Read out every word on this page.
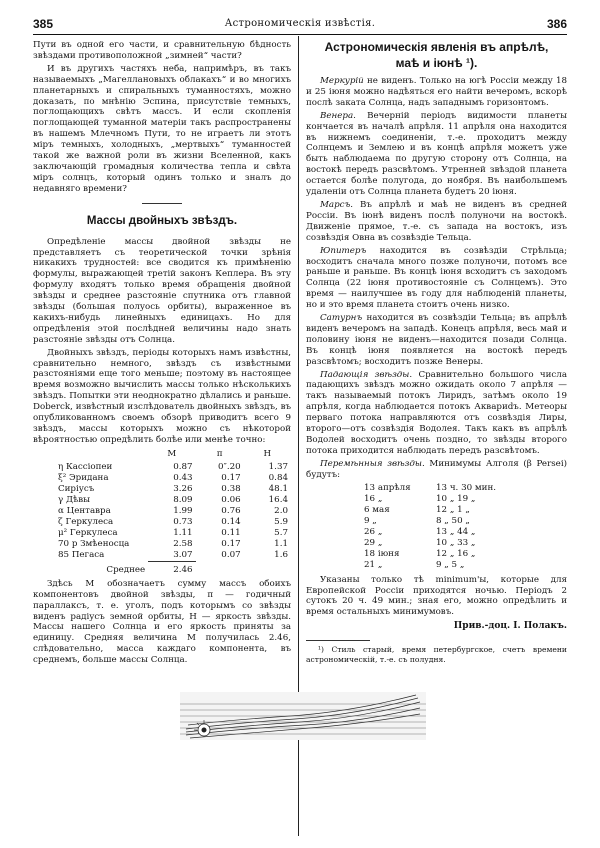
385	Астрономическія извѣстія.	386

Пути въ одной его части, и сравнительную бѣдность звѣздами противоположной „зимней“ части?

И въ другихъ частяхъ неба, напримѣръ, въ такъ называемыхъ „Магеллановыхъ облакахъ“ и во многихъ планетарныхъ и спиральныхъ туманностяхъ, можно доказать, по мнѣнію Эспина, присутствіе темныхъ, поглощающихъ свѣтъ массъ. И если скопленія поглощающей туманной матеріи такъ распространены въ нашемъ Млечномъ Пути, то не играетъ ли этотъ міръ темныхъ, холодныхъ, „мертвыхъ“ туманностей такой же важной роли въ жизни Вселенной, какъ заключающій громадныя количества тепла и свѣта міръ солнцъ, который одинъ только и зналъ до недавняго времени?

Массы двойныхъ звѣздъ.

Опредѣленіе массы двойной звѣзды не представляетъ съ теоретической точки зрѣнія никакихъ трудностей: все сводится къ примѣненію формулы, выражающей третій законъ Кеплера. Въ эту формулу входятъ только время обращенія двойной звѣзды и среднее разстояніе спутника отъ главной звѣзды (большая полуось орбиты), выраженное въ какихъ-нибудь линейныхъ единицахъ. Но для опредѣленія этой послѣдней величины надо знать разстояніе звѣзды отъ Солнца.

Двойныхъ звѣздъ, періоды которыхъ намъ извѣстны, сравнительно немного, звѣздъ съ извѣстными разстояніями еще того меньше; поэтому въ настоящее время возможно вычислить массы только нѣсколькихъ звѣздъ. Попытки эти неоднократно дѣлались и раньше. Doberck, извѣстный изслѣдователь двойныхъ звѣздъ, въ опубликованномъ своемъ обзорѣ приводитъ всего 9 звѣздъ, массы которыхъ можно съ нѣкоторой вѣроятностью опредѣлить болѣе или менѣе точно:

	M	π	H
η Кассіопеи	0.87	0″.20	1.37
ξ² Эридана	0.43	0.17	0.84
Сиріусъ	3.26	0.38	48.1
γ Дѣвы	8.09	0.06	16.4
α Центавра	1.99	0.76	2.0
ζ Геркулеса	0.73	0.14	5.9
μ² Геркулеса	1.11	0.11	5.7
70 р Змѣеносца	2.58	0.17	1.1
85 Пегаса	3.07	0.07	1.6
Среднее	2.46		

Здѣсь M обозначаетъ сумму массъ обоихъ компонентовъ двойной звѣзды, π — годичный параллаксъ, т. е. уголъ, подъ которымъ со звѣзды виденъ радіусъ земной орбиты, H — яркость звѣзды. Массы нашего Солнца и его яркость приняты за единицу. Средняя величина M получилась 2.46, слѣдовательно, масса каждаго компонента, въ среднемъ, больше массы Солнца.

Астрономическія явленія въ апрѣлѣ,
маѣ и іюнѣ ¹).

Меркурій не виденъ. Только на югѣ Россіи между 18 и 25 іюня можно надѣяться его найти вечеромъ, вскорѣ послѣ заката Солнца, надъ западнымъ горизонтомъ.

Венера. Вечерній періодъ видимости планеты кончается въ началѣ апрѣля. 11 апрѣля она находится въ нижнемъ соединеніи, т.-е. проходитъ между Солнцемъ и Землею и въ концѣ апрѣля можетъ уже быть наблюдаема по другую сторону отъ Солнца, на востокѣ передъ разсвѣтомъ. Утренней звѣздой планета остается болѣе полугода, до ноября. Въ наибольшемъ удаленіи отъ Солнца планета будетъ 20 іюня.

Марсъ. Въ апрѣлѣ и маѣ не виденъ въ средней Россіи. Въ іюнѣ виденъ послѣ полуночи на востокѣ. Движеніе прямое, т.-е. съ запада на востокъ, изъ созвѣздія Овна въ созвѣздіе Тельца.

Юпитеръ находится въ созвѣздіи Стрѣльца; восходитъ сначала много позже полуночи, потомъ все раньше и раньше. Въ концѣ іюня всходитъ съ заходомъ Солнца (22 іюня противостояніе съ Солнцемъ). Это время — наилучшее въ году для наблюденій планеты, но и это время планета стоитъ очень низко.

Сатурнъ находится въ созвѣздіи Тельца; въ апрѣлѣ виденъ вечеромъ на западѣ. Конецъ апрѣля, весь май и половину іюня не виденъ—находится позади Солнца. Въ концѣ іюня появляется на востокѣ передъ разсвѣтомъ; восходитъ позже Венеры.

Падающія звѣзды. Сравнительно большого числа падающихъ звѣздъ можно ожидать около 7 апрѣля — такъ называемый потокъ Лиридъ, затѣмъ около 19 апрѣля, когда наблюдается потокъ Аквариdъ. Метеоры перваго потока направляются отъ созвѣздія Лиры, второго—отъ созвѣздія Водолея. Такъ какъ въ апрѣлѣ Водолей восходитъ очень поздно, то звѣзды второго потока приходится наблюдать передъ разсвѣтомъ.

Перемѣнныя звѣзды. Минимумы Алголя (β Persei) будутъ:

13 апрѣля	13 ч. 30 мин.
16 „	10 „ 19 „
6 мая	12 „ 1 „
9 „	8 „ 50 „
26 „	13 „ 44 „
29 „	10 „ 33 „
18 іюня	12 „ 16 „
21 „	9 „ 5 „

Указаны только тѣ minimum'ы, которые для Европейской Россіи приходятся ночью. Періодъ 2 сутокъ 20 ч. 49 мин.; зная его, можно опредѣлить и время остальныхъ минимумовъ.

Прив.-доц. І. Полакъ.

¹) Стиль старый, время петербургское, счетъ времени астрономическій, т.-е. съ полудня.
